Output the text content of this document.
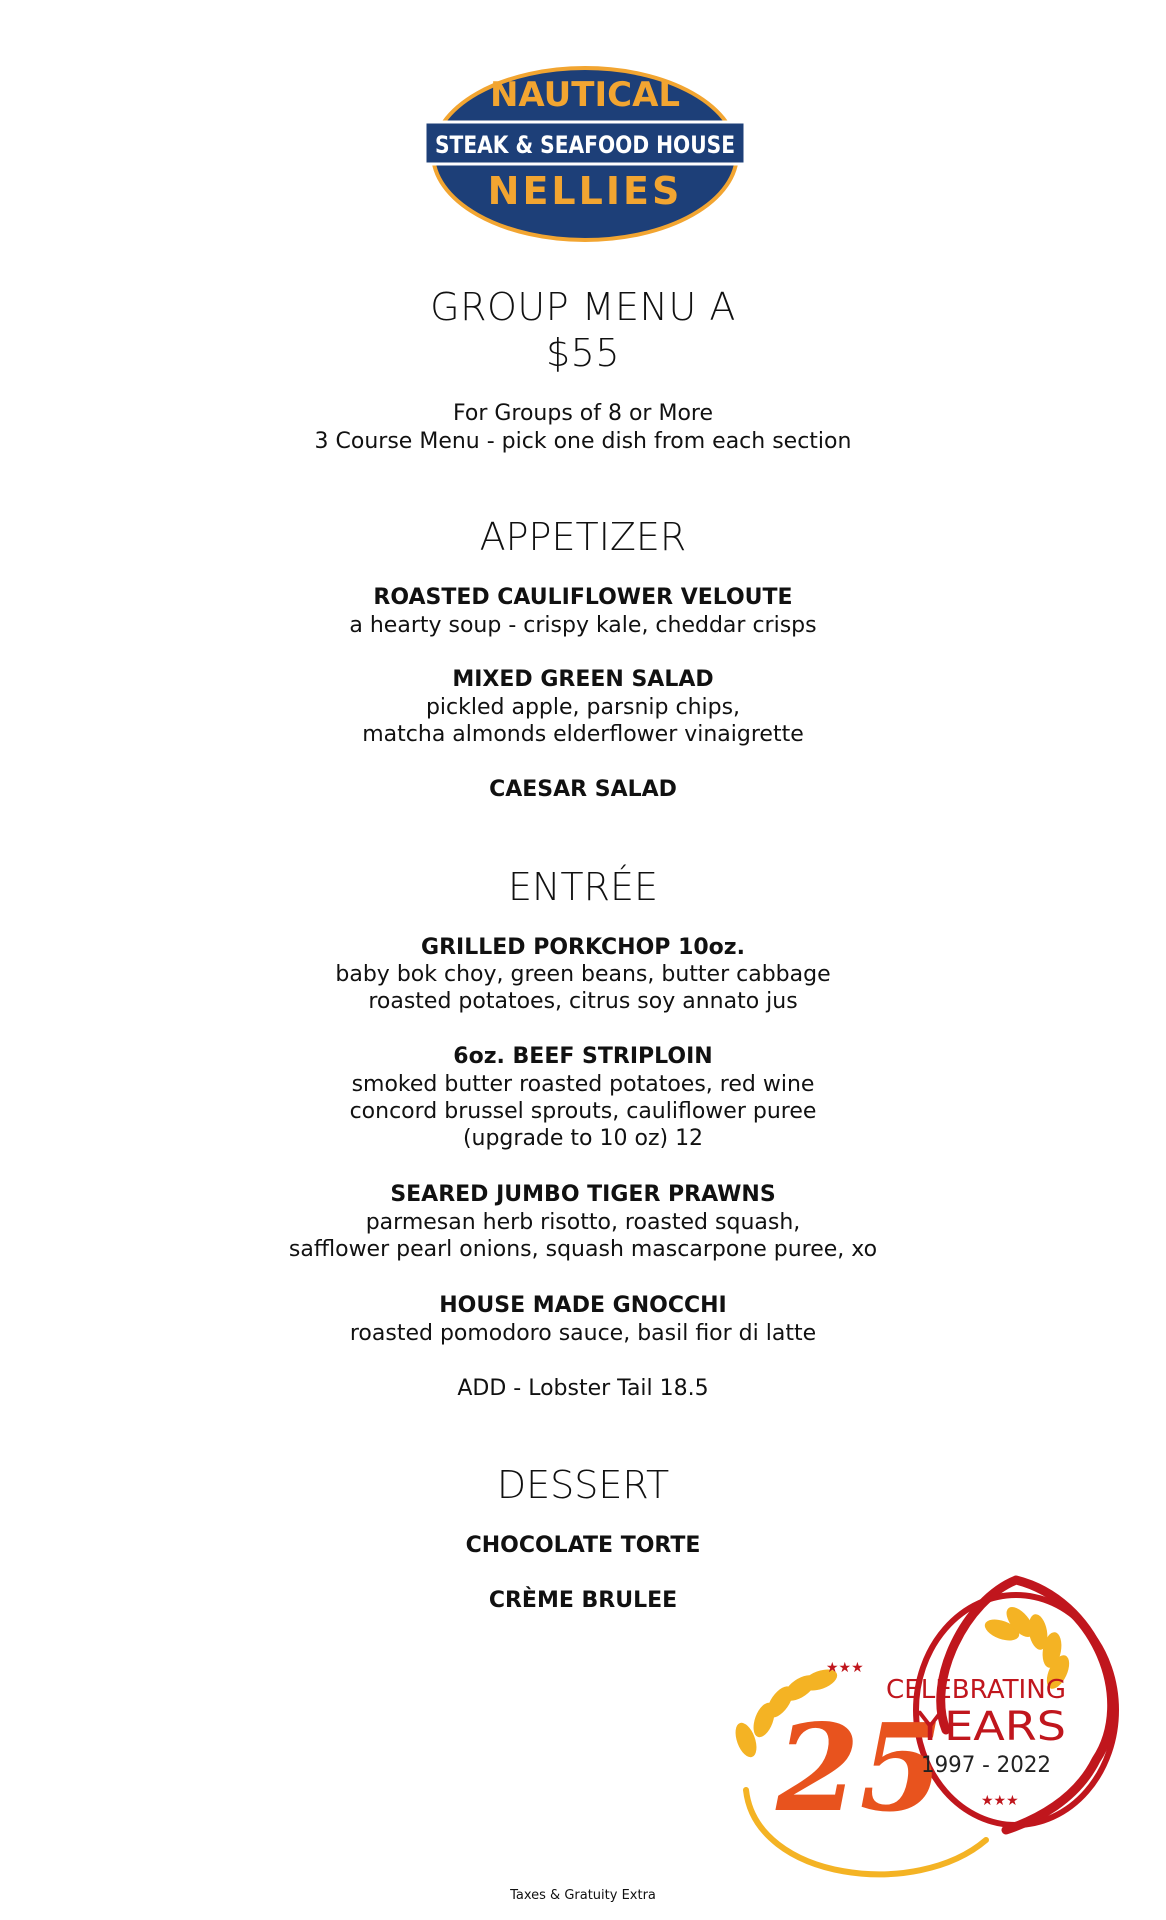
NAUTICAL
STEAK & SEAFOOD HOUSE
NELLIES
GROUP MENU A
$55
For Groups of 8 or More
3 Course Menu - pick one dish from each section
APPETIZER
ROASTED CAULIFLOWER VELOUTE
a hearty soup - crispy kale, cheddar crisps
MIXED GREEN SALAD
pickled apple, parsnip chips,
matcha almonds elderflower vinaigrette
CAESAR SALAD
ENTRÉE
GRILLED PORKCHOP 10oz.
baby bok choy, green beans, butter cabbage
roasted potatoes, citrus soy annato jus
6oz. BEEF STRIPLOIN
smoked butter roasted potatoes, red wine
concord brussel sprouts, cauliflower puree
(upgrade to 10 oz) 12
SEARED JUMBO TIGER PRAWNS
parmesan herb risotto, roasted squash,
safflower pearl onions, squash mascarpone puree, xo
HOUSE MADE GNOCCHI
roasted pomodoro sauce, basil fior di latte
ADD - Lobster Tail 18.5
DESSERT
CHOCOLATE TORTE
CRÈME BRULEE
★★★
★★★
25
CELEBRATING
YEARS
1997 - 2022
Taxes & Gratuity Extra
